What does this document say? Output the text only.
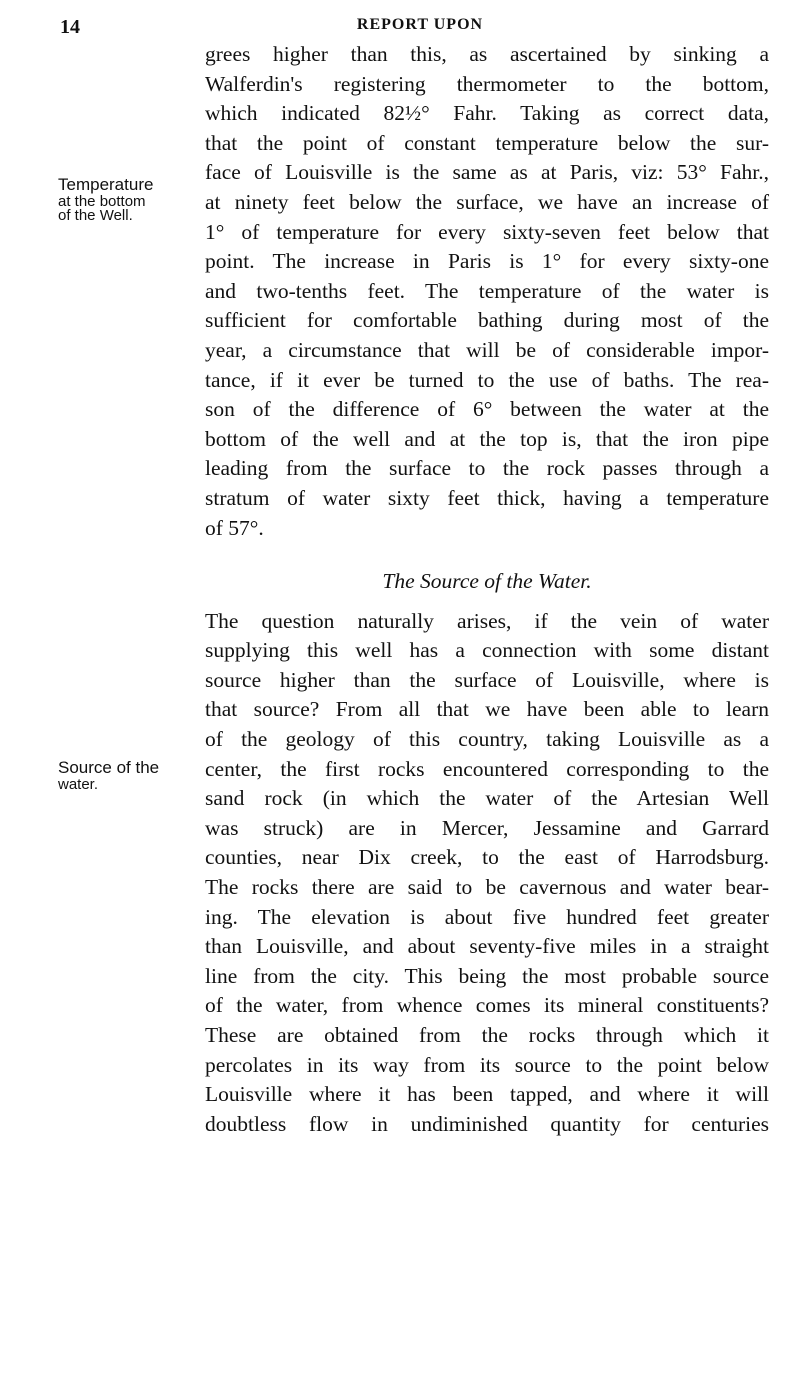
14	REPORT UPON
Temperature
at the bottom
of the Well.
Source of the
water.
grees higher than this, as ascertained by sinking a
Walferdin's registering thermometer to the bottom,
which indicated 82½° Fahr. Taking as correct data,
that the point of constant temperature below the sur-
face of Louisville is the same as at Paris, viz: 53° Fahr.,
at ninety feet below the surface, we have an increase of
1° of temperature for every sixty-seven feet below that
point. The increase in Paris is 1° for every sixty-one
and two-tenths feet. The temperature of the water is
sufficient for comfortable bathing during most of the
year, a circumstance that will be of considerable impor-
tance, if it ever be turned to the use of baths. The rea-
son of the difference of 6° between the water at the
bottom of the well and at the top is, that the iron pipe
leading from the surface to the rock passes through a
stratum of water sixty feet thick, having a temperature
of 57°.
The Source of the Water.
The question naturally arises, if the vein of water
supplying this well has a connection with some distant
source higher than the surface of Louisville, where is
that source? From all that we have been able to learn
of the geology of this country, taking Louisville as a
center, the first rocks encountered corresponding to the
sand rock (in which the water of the Artesian Well
was struck) are in Mercer, Jessamine and Garrard
counties, near Dix creek, to the east of Harrodsburg.
The rocks there are said to be cavernous and water bear-
ing. The elevation is about five hundred feet greater
than Louisville, and about seventy-five miles in a straight
line from the city. This being the most probable source
of the water, from whence comes its mineral constituents?
These are obtained from the rocks through which it
percolates in its way from its source to the point below
Louisville where it has been tapped, and where it will
doubtless flow in undiminished quantity for centuries
